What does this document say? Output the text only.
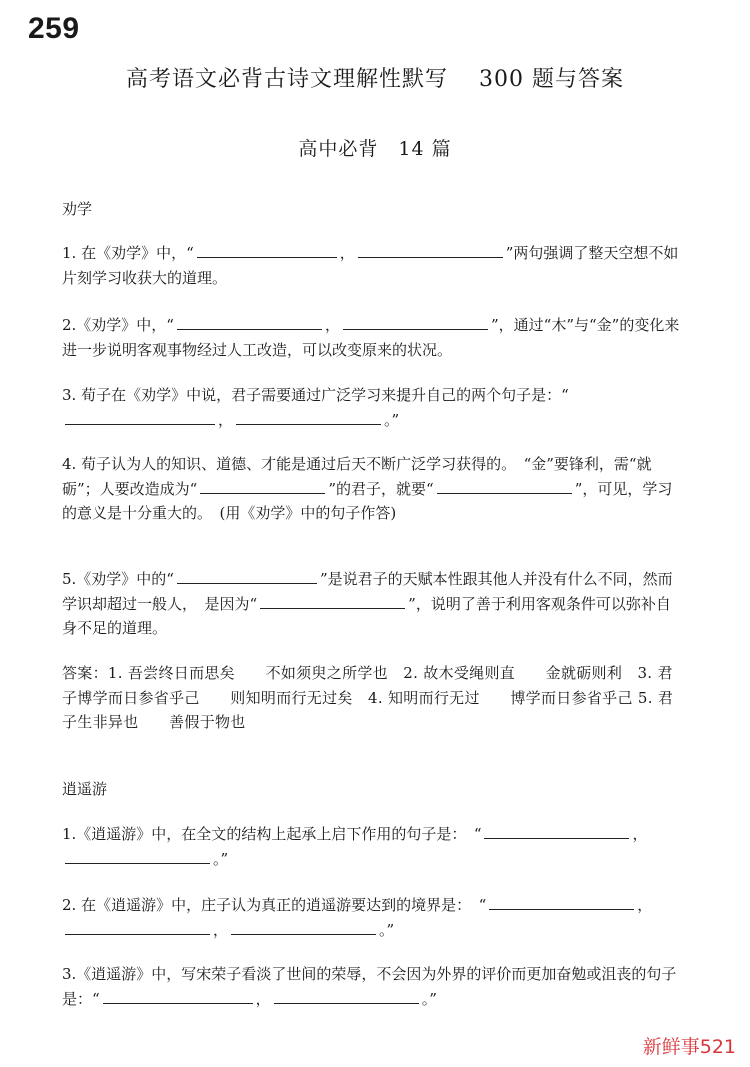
259
高考语文必背古诗文理解性默写　 300 题与答案
高中必背　14 篇
劝学
1. 在《劝学》中，“	，	”两句强调了整天空想不如片刻学习收获大的道理。
2.《劝学》中，“	，	”，通过“木”与“金”的变化来进一步说明客观事物经过人工改造，可以改变原来的状况。
3. 荀子在《劝学》中说，君子需要通过广泛学习来提升自己的两个句子是：“，	。”
4. 荀子认为人的知识、道德、才能是通过后天不断广泛学习获得的。　“金”要锋利，需“就砺”；人要改造成为“	”的君子，就要“	”，可见，学习的意义是十分重大的。　(用《劝学》中的句子作答)
5.《劝学》中的“	”是说君子的天赋本性跟其他人并没有什么不同，然而学识却超过一般人，　是因为“	”，说明了善于利用客观条件可以弥补自身不足的道理。
答案：1. 吾尝终日而思矣　　不如须臾之所学也　2. 故木受绳则直　　金就砺则利　3. 君子博学而日参省乎己　　则知明而行无过矣　4. 知明而行无过　　博学而日参省乎己 5. 君子生非异也　　善假于物也
逍遥游
1.《逍遥游》中，在全文的结构上起承上启下作用的句子是：　“	，。”
2. 在《逍遥游》中，庄子认为真正的逍遥游要达到的境界是：　“	，，	。”
3.《逍遥游》中，写宋荣子看淡了世间的荣辱，不会因为外界的评价而更加奋勉或沮丧的句子是：“	，	。”
新鲜事521
